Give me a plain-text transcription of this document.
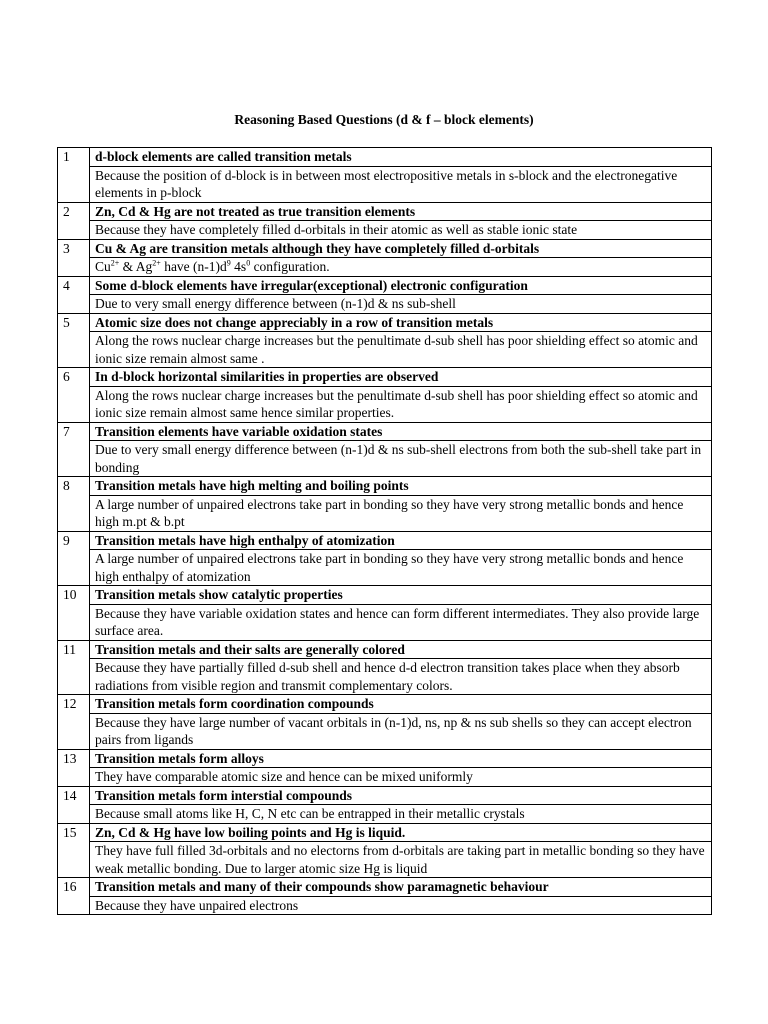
Reasoning Based Questions (d & f – block elements)
1	d-block elements are called transition metals
	Because the position of d-block is in between most electropositive metals in s-block and the electronegative elements in p-block
2	Zn, Cd & Hg are not treated as true transition elements
	Because they have completely filled d-orbitals in their atomic as well as stable ionic state
3	Cu & Ag are transition metals although they have completely filled d-orbitals
	$Cu^{2+}$ & $Ag^{2+}$ have $(n-1)d^9$ $4s^0$ configuration.
4	Some d-block elements have irregular(exceptional) electronic configuration
	Due to very small energy difference between (n-1)d & ns sub-shell
5	Atomic size does not change appreciably in a row of transition metals
	Along the rows nuclear charge increases but the penultimate d-sub shell has poor shielding effect so atomic and ionic size remain almost same .
6	In d-block horizontal similarities in properties are observed
	Along the rows nuclear charge increases but the penultimate d-sub shell has poor shielding effect so atomic and ionic size remain almost same hence similar properties.
7	Transition elements have variable oxidation states
	Due to very small energy difference between (n-1)d & ns sub-shell electrons from both the sub-shell take part in bonding
8	Transition metals have high melting and boiling points
	A large number of unpaired electrons take part in bonding so they have very strong metallic bonds and hence high m.pt & b.pt
9	Transition metals have high enthalpy of atomization
	A large number of unpaired electrons take part in bonding so they have very strong metallic bonds and hence high enthalpy of atomization
10	Transition metals show catalytic properties
	Because they have variable oxidation states and hence can form different intermediates. They also provide large surface area.
11	Transition metals and their salts are generally colored
	Because they have partially filled d-sub shell and hence d-d electron transition takes place when they absorb radiations from visible region and transmit complementary colors.
12	Transition metals form coordination compounds
	Because they have large number of vacant orbitals in (n-1)d, ns, np & ns sub shells so they can accept electron pairs from ligands
13	Transition metals form alloys
	They have comparable atomic size and hence can be mixed uniformly
14	Transition metals form interstial compounds
	Because small atoms like H, C, N etc can be entrapped in their metallic crystals
15	Zn, Cd & Hg have low boiling points and Hg is liquid.
	They have full filled 3d-orbitals and no electorns from d-orbitals are taking part in metallic bonding so they have weak metallic bonding. Due to larger atomic size Hg is liquid
16	Transition metals and many of their compounds show paramagnetic behaviour
	Because they have unpaired electrons
